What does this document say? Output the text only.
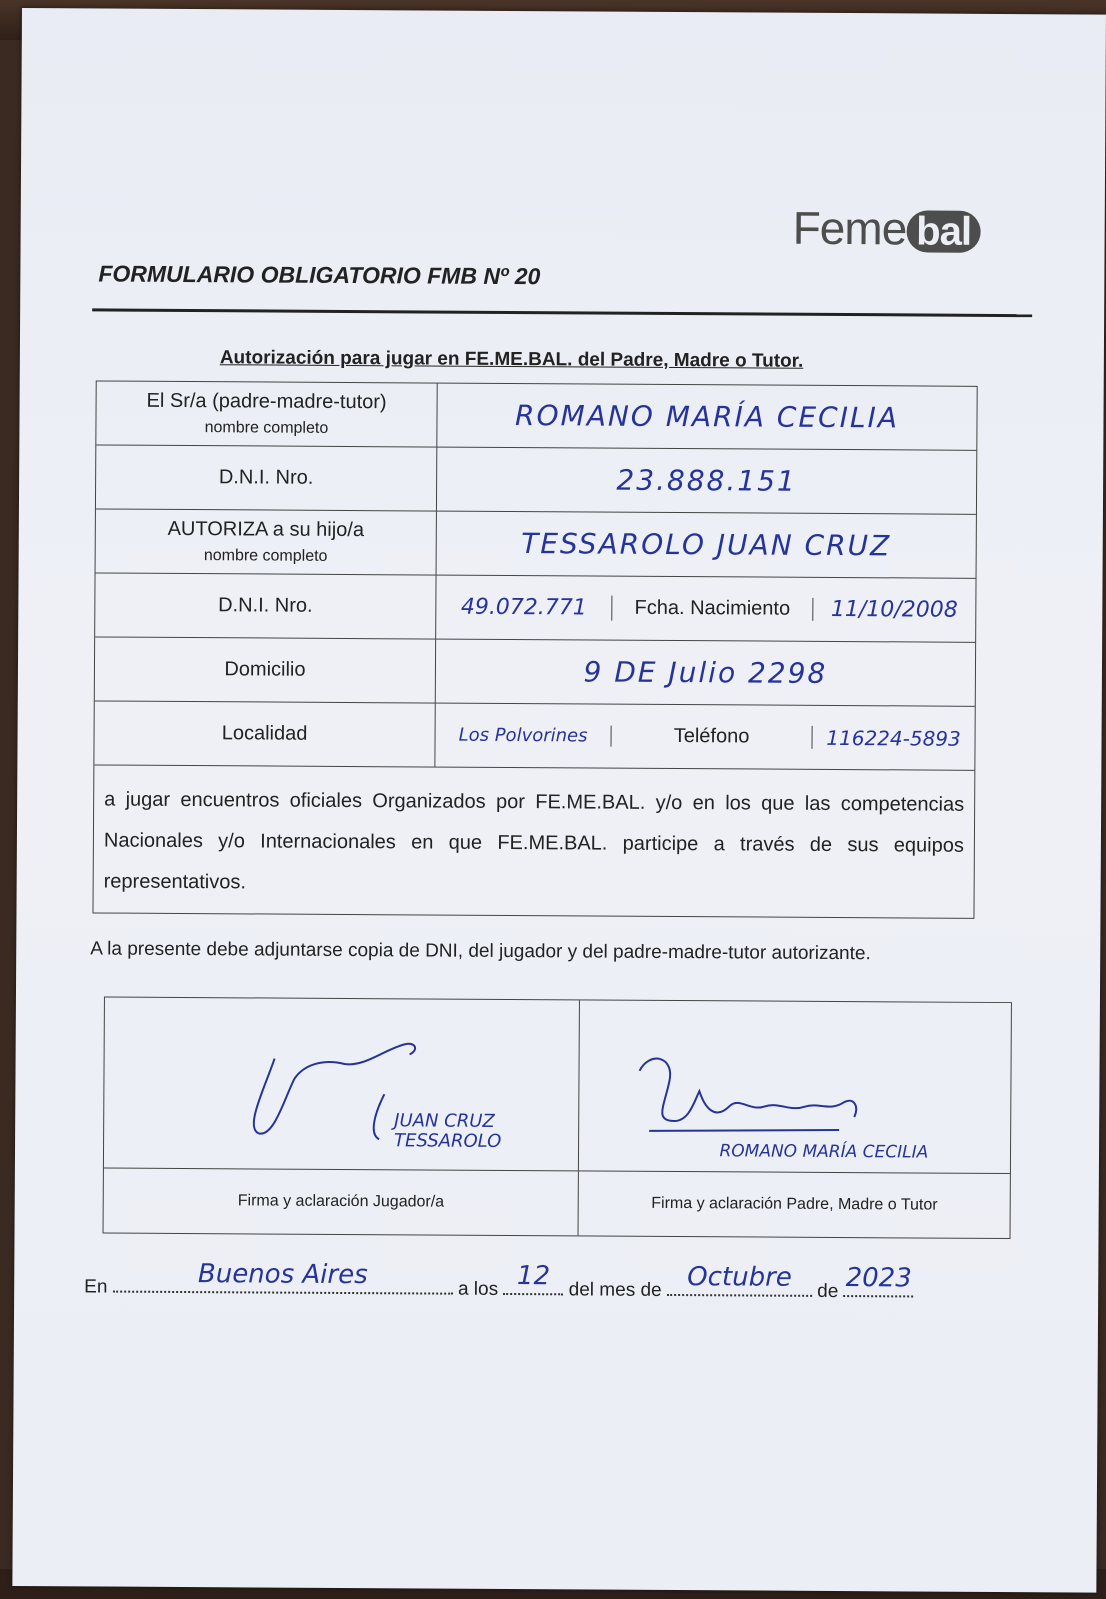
Feme bal
FORMULARIO OBLIGATORIO FMB Nº 20
Autorización para jugar en FE.ME.BAL. del Padre, Madre o Tutor.
El Sr/a (padre-madre-tutor)
nombre completo	ROMANO MARÍA CECILIA
D.N.I. Nro.	23.888.151
AUTORIZA a su hijo/a
nombre completo	TESSAROLO JUAN CRUZ
D.N.I. Nro.	49.072.771 Fcha. Nacimiento 11/10/2008
Domicilio	9 DE Julio 2298
Localidad	Los Polvorines	Teléfono	116224-5893
a jugar encuentros oficiales Organizados por FE.ME.BAL. y/o en los que las competencias Nacionales y/o Internacionales en que FE.ME.BAL. participe a través de sus equipos representativos.
A la presente debe adjuntarse copia de DNI, del jugador y del padre-madre-tutor autorizante.
JUAN CRUZ
TESSAROLO	ROMANO MARÍA CECILIA
Firma y aclaración Jugador/a	Firma y aclaración Padre, Madre o Tutor
En	Buenos Aires	a los 12 del mes de Octubre	de 2023
